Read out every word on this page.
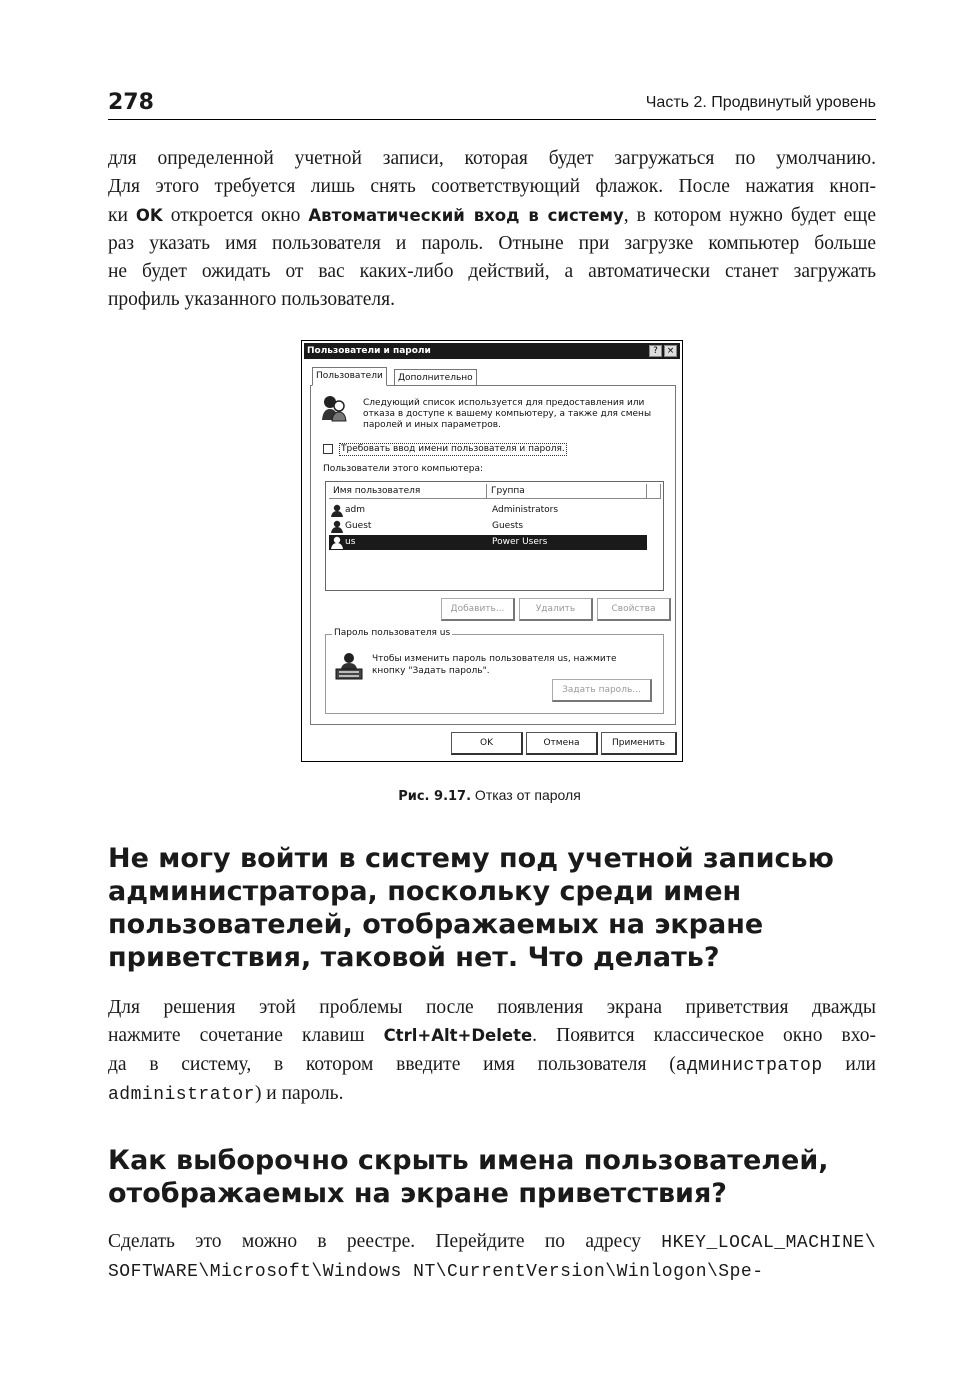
278	Часть 2. Продвинутый уровень
для определенной учетной записи, которая будет загружаться по умолчанию.
Для этого требуется лишь снять соответствующий флажок. После нажатия кноп-
ки OK откроется окно Автоматический вход в систему, в котором нужно будет еще
раз указать имя пользователя и пароль. Отныне при загрузке компьютер больше
не будет ожидать от вас каких-либо действий, а автоматически станет загружать
профиль указанного пользователя.
Пользователи и пароли	? ×
Пользователи	Дополнительно
Следующий список используется для предоставления или отказа в доступе к вашему компьютеру, а также для смены паролей и иных параметров.
Требовать ввод имени пользователя и пароля.
Пользователи этого компьютера:
Имя пользователя	Группа
adm	Administrators
Guest	Guests
us	Power Users
Добавить...	Удалить	Свойства
Пароль пользователя us
Чтобы изменить пароль пользователя us, нажмите кнопку "Задать пароль".
Задать пароль...
OK	Отмена	Применить
Рис. 9.17. Отказ от пароля
Не могу войти в систему под учетной записью
администратора, поскольку среди имен
пользователей, отображаемых на экране
приветствия, таковой нет. Что делать?
Для решения этой проблемы после появления экрана приветствия дважды
нажмите сочетание клавиш Ctrl+Alt+Delete. Появится классическое окно вхо-
да в систему, в котором введите имя пользователя (администратор или
administrator) и пароль.
Как выборочно скрыть имена пользователей,
отображаемых на экране приветствия?
Сделать это можно в реестре. Перейдите по адресу HKEY_LOCAL_MACHINE\
SOFTWARE\Microsoft\Windows NT\CurrentVersion\Winlogon\Spe-
